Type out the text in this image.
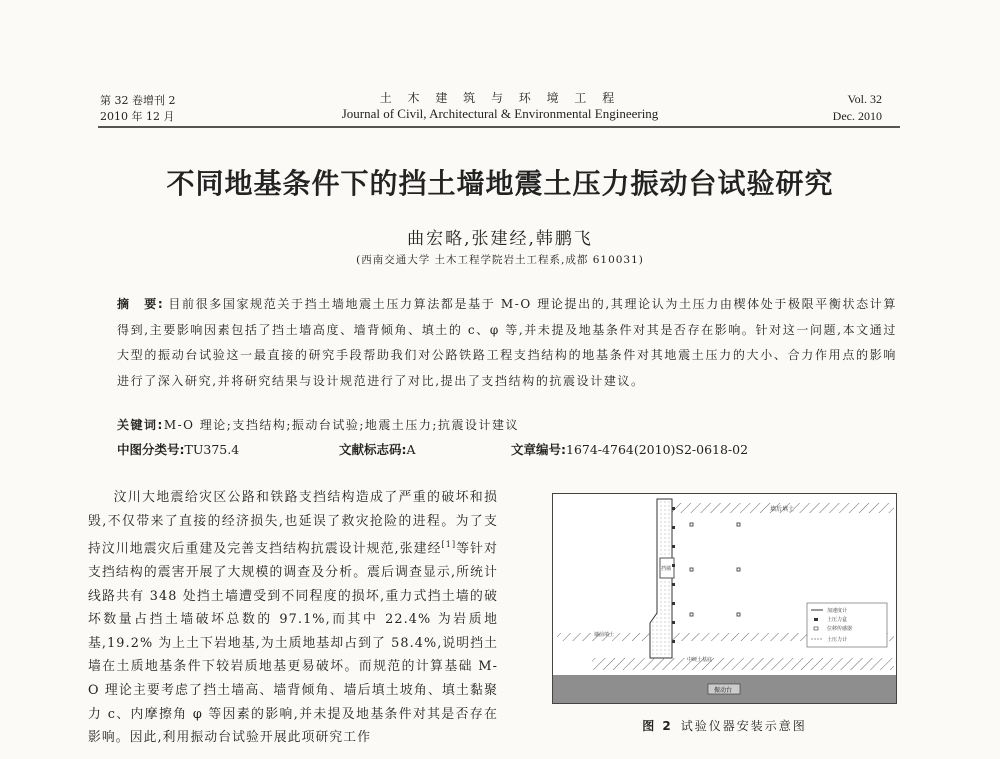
第 32 卷增刊 2
2010 年 12 月
土 木 建 筑 与 环 境 工 程
Journal of Civil, Architectural & Environmental Engineering
Vol. 32
Dec. 2010
不同地基条件下的挡土墙地震土压力振动台试验研究
曲宏略,张建经,韩鹏飞
(西南交通大学 土木工程学院岩土工程系,成都 610031)
摘　要: 目前很多国家规范关于挡土墙地震土压力算法都是基于 M-O 理论提出的,其理论认为土压力由楔体处于极限平衡状态计算得到,主要影响因素包括了挡土墙高度、墙背倾角、填土的 c、φ 等,并未提及地基条件对其是否存在影响。针对这一问题,本文通过大型的振动台试验这一最直接的研究手段帮助我们对公路铁路工程支挡结构的地基条件对其地震土压力的大小、合力作用点的影响进行了深入研究,并将研究结果与设计规范进行了对比,提出了支挡结构的抗震设计建议。
关键词:M-O 理论;支挡结构;振动台试验;地震土压力;抗震设计建议
中图分类号:TU375.4	文献标志码:A	文章编号:1674-4764(2010)S2-0618-02
汶川大地震给灾区公路和铁路支挡结构造成了严重的破坏和损毁,不仅带来了直接的经济损失,也延误了救灾抢险的进程。为了支持汶川地震灾后重建及完善支挡结构抗震设计规范,张建经[1]等针对支挡结构的震害开展了大规模的调查及分析。震后调查显示,所统计线路共有 348 处挡土墙遭受到不同程度的损坏,重力式挡土墙的破坏数量占挡土墙破坏总数的 97.1%,而其中 22.4% 为岩质地基,19.2% 为上土下岩地基,为土质地基却占到了 58.4%,说明挡土墙在土质地基条件下较岩质地基更易破坏。而规范的计算基础 M-O 理论主要考虑了挡土墙高、墙背倾角、墙后填土坡角、填土黏聚力 c、内摩擦角 φ 等因素的影响,并未提及地基条件对其是否存在影响。因此,利用振动台试验开展此项研究工作
墙后填土
挡墙
墙前填土
中硬土基底
振动台
加速度计
土压力盒
位移传感器
土压力计
图 2 试验仪器安装示意图
